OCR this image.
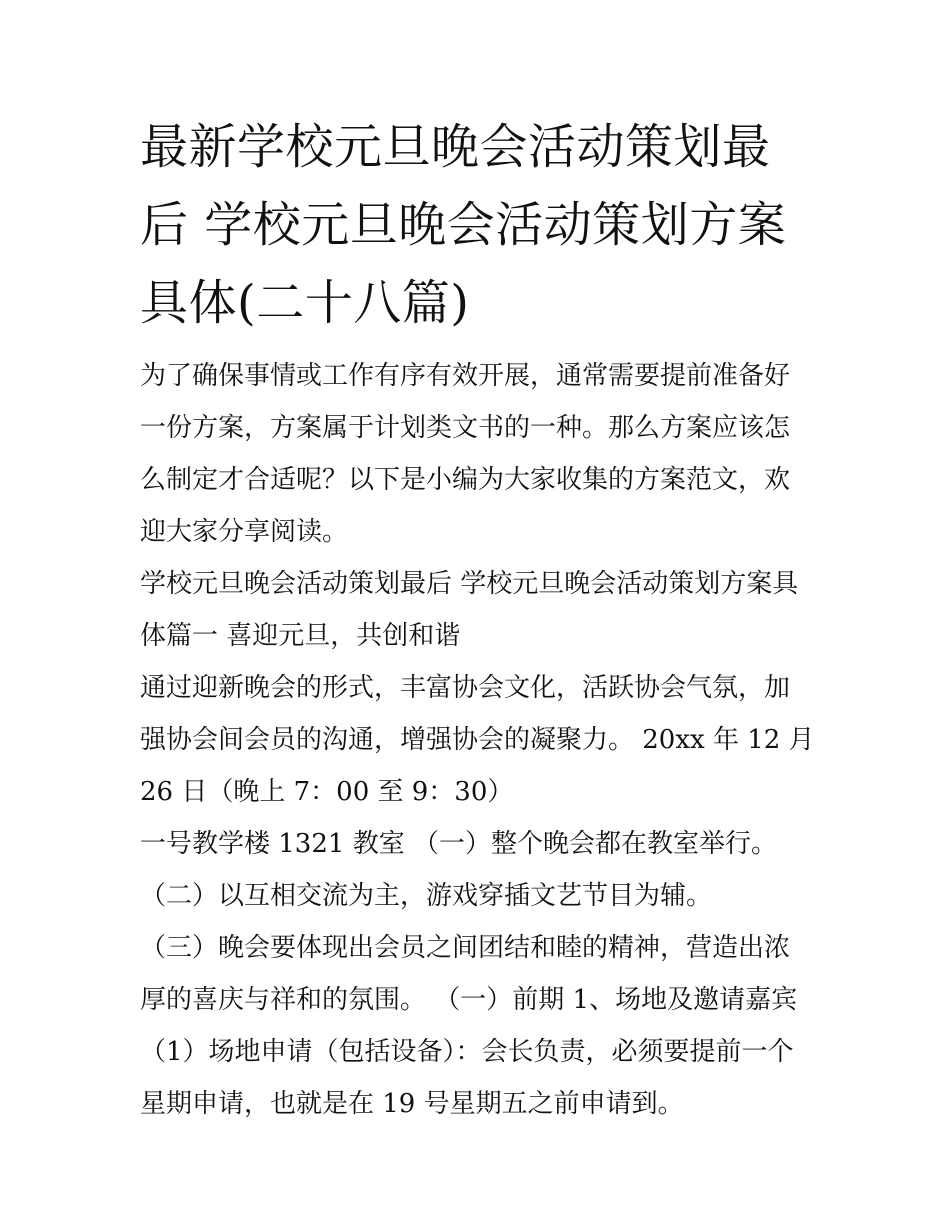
最新学校元旦晚会活动策划最后 学校元旦晚会活动策划方案具体(二十八篇)

为了确保事情或工作有序有效开展，通常需要提前准备好一份方案，方案属于计划类文书的一种。那么方案应该怎么制定才合适呢？以下是小编为大家收集的方案范文，欢迎大家分享阅读。

学校元旦晚会活动策划最后 学校元旦晚会活动策划方案具体篇一 喜迎元旦，共创和谐

通过迎新晚会的形式，丰富协会文化，活跃协会气氛，加强协会间会员的沟通，增强协会的凝聚力。 20xx 年 12 月 26 日（晚上 7：00 至 9：30）

一号教学楼 1321 教室 （一）整个晚会都在教室举行。 （二）以互相交流为主，游戏穿插文艺节目为辅。

（三）晚会要体现出会员之间团结和睦的精神，营造出浓厚的喜庆与祥和的氛围。 （一）前期 1、场地及邀请嘉宾

（1）场地申请（包括设备）：会长负责，必须要提前一个星期申请，也就是在 19 号星期五之前申请到。
